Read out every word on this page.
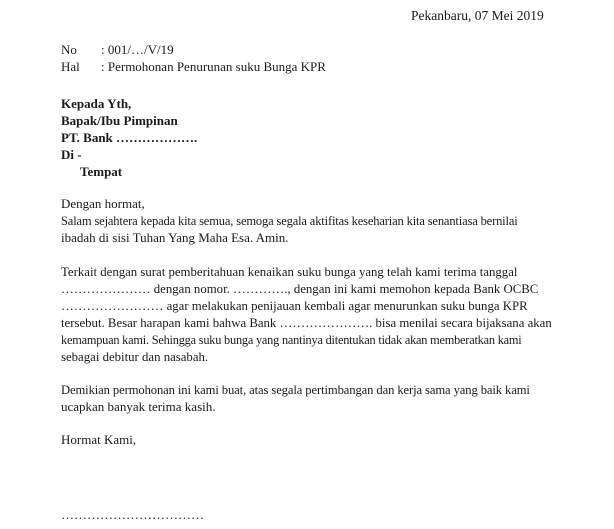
Pekanbaru, 07 Mei 2019
No : 001/…/V/19
Hal : Permohonan Penurunan suku Bunga KPR
Kepada Yth,
Bapak/Ibu Pimpinan
PT. Bank ……………….
Di -
Tempat
Dengan hormat,
Salam sejahtera kepada kita semua, semoga segala aktifitas keseharian kita senantiasa bernilai
ibadah di sisi Tuhan Yang Maha Esa. Amin.
Terkait dengan surat pemberitahuan kenaikan suku bunga yang telah kami terima tanggal
………………… dengan nomor. …………., dengan ini kami memohon kepada Bank OCBC
…………………… agar melakukan penijauan kembali agar menurunkan suku bunga KPR
tersebut. Besar harapan kami bahwa Bank …………………. bisa menilai secara bijaksana akan
kemampuan kami. Sehingga suku bunga yang nantinya ditentukan tidak akan memberatkan kami
sebagai debitur dan nasabah.
Demikian permohonan ini kami buat, atas segala pertimbangan dan kerja sama yang baik kami
ucapkan banyak terima kasih.
Hormat Kami,
……………………………
